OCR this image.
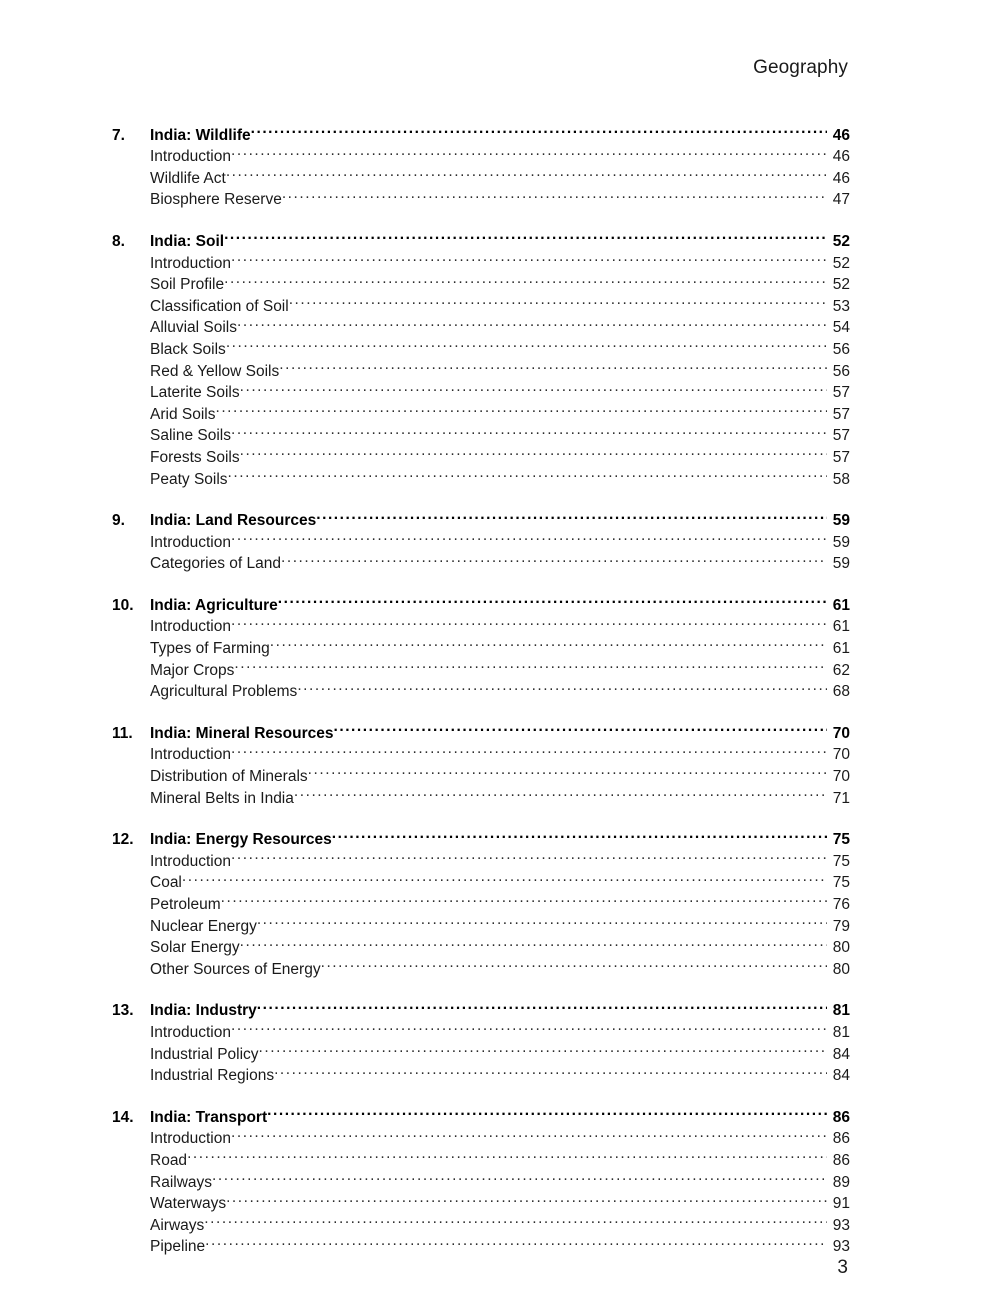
Geography
7.	India: Wildlife .....	46
Introduction .....	46
Wildlife Act .....	46
Biosphere Reserve .....	47
8.	India: Soil .....	52
Introduction .....	52
Soil Profile .....	52
Classification of Soil .....	53
Alluvial Soils .....	54
Black Soils .....	56
Red & Yellow Soils .....	56
Laterite Soils .....	57
Arid Soils .....	57
Saline Soils .....	57
Forests Soils .....	57
Peaty Soils .....	58
9.	India: Land Resources .....	59
Introduction .....	59
Categories of Land .....	59
10.	India: Agriculture .....	61
Introduction .....	61
Types of Farming .....	61
Major Crops .....	62
Agricultural Problems .....	68
11.	India: Mineral Resources .....	70
Introduction .....	70
Distribution of Minerals .....	70
Mineral Belts in India .....	71
12.	India: Energy Resources .....	75
Introduction .....	75
Coal .....	75
Petroleum .....	76
Nuclear Energy .....	79
Solar Energy .....	80
Other Sources of Energy .....	80
13.	India: Industry .....	81
Introduction .....	81
Industrial Policy .....	84
Industrial Regions .....	84
14.	India: Transport .....	86
Introduction .....	86
Road .....	86
Railways .....	89
Waterways .....	91
Airways .....	93
Pipeline .....	93
3
